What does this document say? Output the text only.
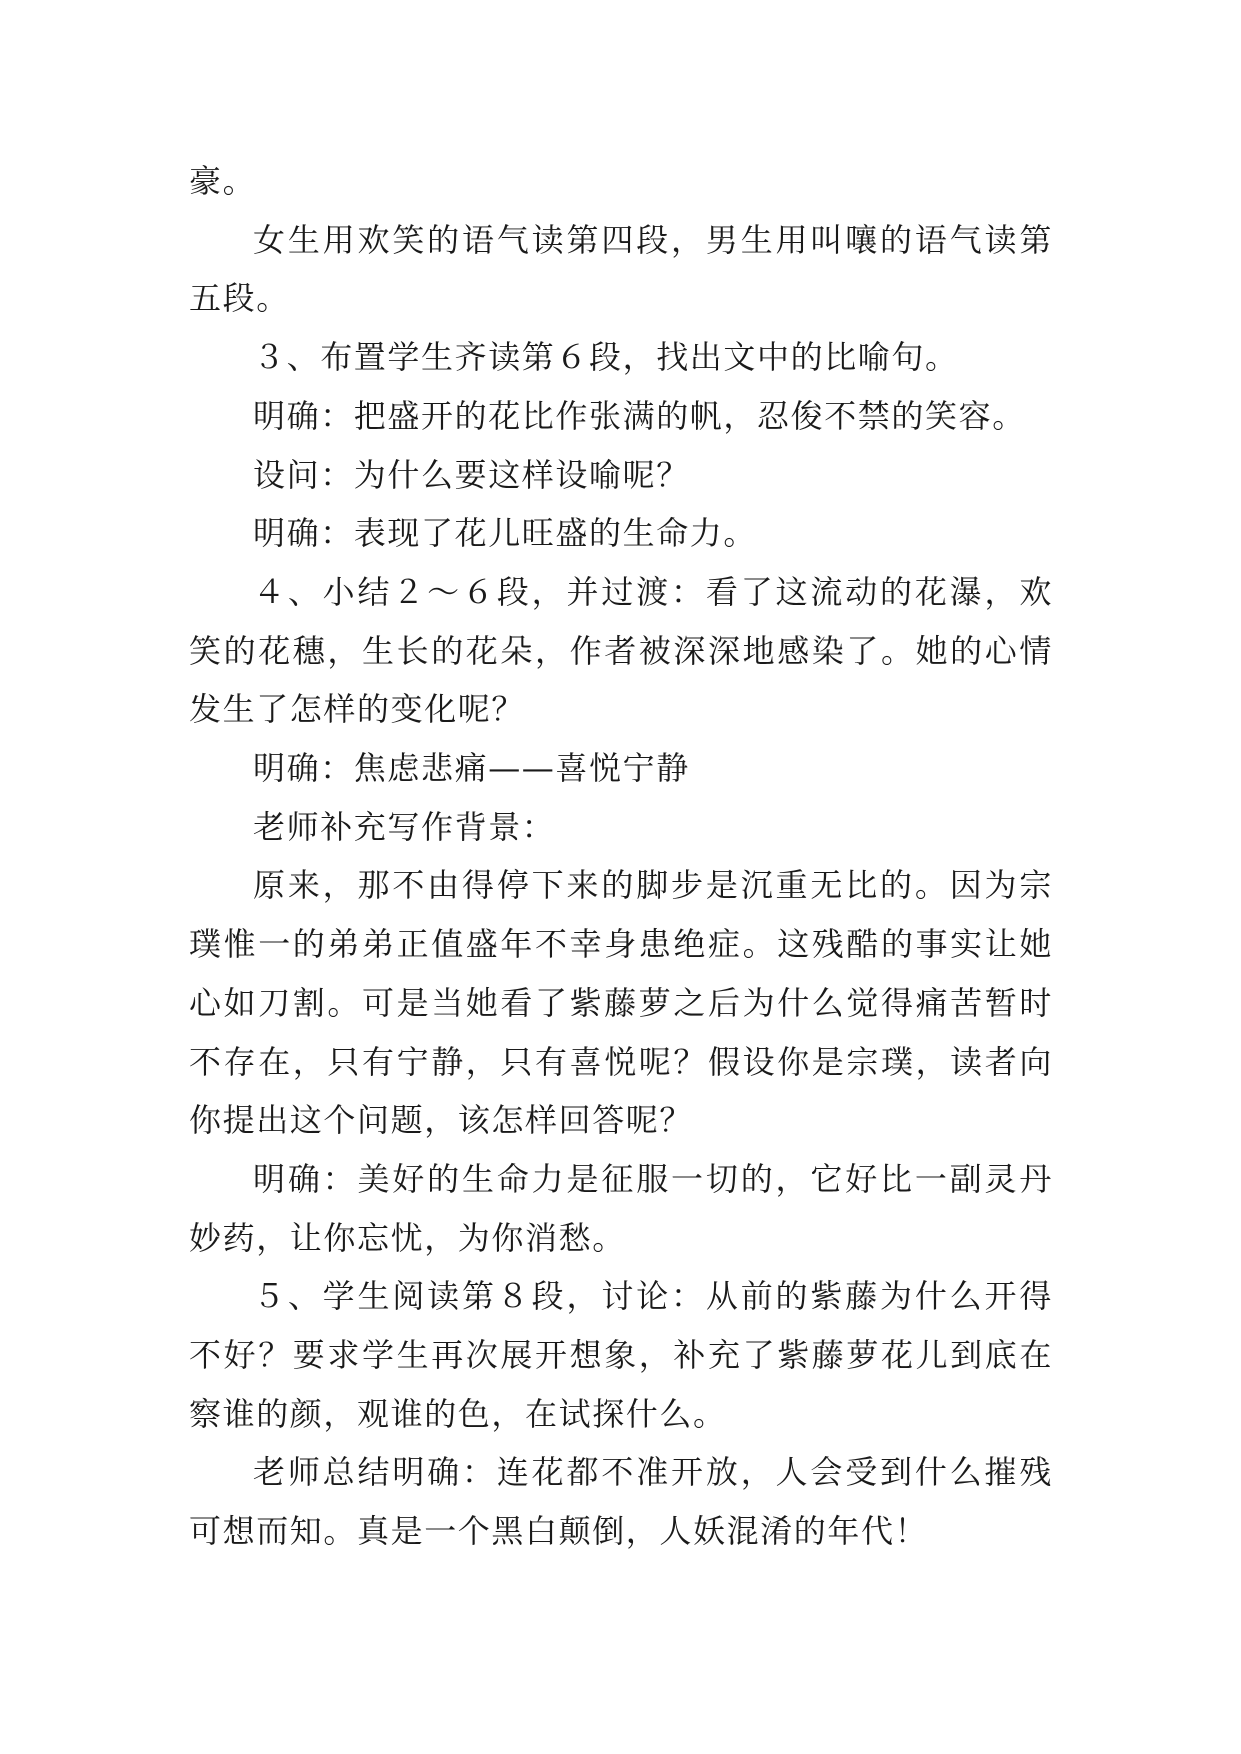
豪。

女生用欢笑的语气读第四段，男生用叫嚷的语气读第五段。

３、布置学生齐读第６段，找出文中的比喻句。

明确：把盛开的花比作张满的帆，忍俊不禁的笑容。

设问：为什么要这样设喻呢？

明确：表现了花儿旺盛的生命力。

４、小结２～６段，并过渡：看了这流动的花瀑，欢笑的花穗，生长的花朵，作者被深深地感染了。她的心情发生了怎样的变化呢？

明确：焦虑悲痛——喜悦宁静

老师补充写作背景：

原来，那不由得停下来的脚步是沉重无比的。因为宗璞惟一的弟弟正值盛年不幸身患绝症。这残酷的事实让她心如刀割。可是当她看了紫藤萝之后为什么觉得痛苦暂时不存在，只有宁静，只有喜悦呢？假设你是宗璞，读者向你提出这个问题，该怎样回答呢？

明确：美好的生命力是征服一切的，它好比一副灵丹妙药，让你忘忧，为你消愁。

５、学生阅读第８段，讨论：从前的紫藤为什么开得不好？要求学生再次展开想象，补充了紫藤萝花儿到底在察谁的颜，观谁的色，在试探什么。

老师总结明确：连花都不准开放，人会受到什么摧残可想而知。真是一个黑白颠倒，人妖混淆的年代！
